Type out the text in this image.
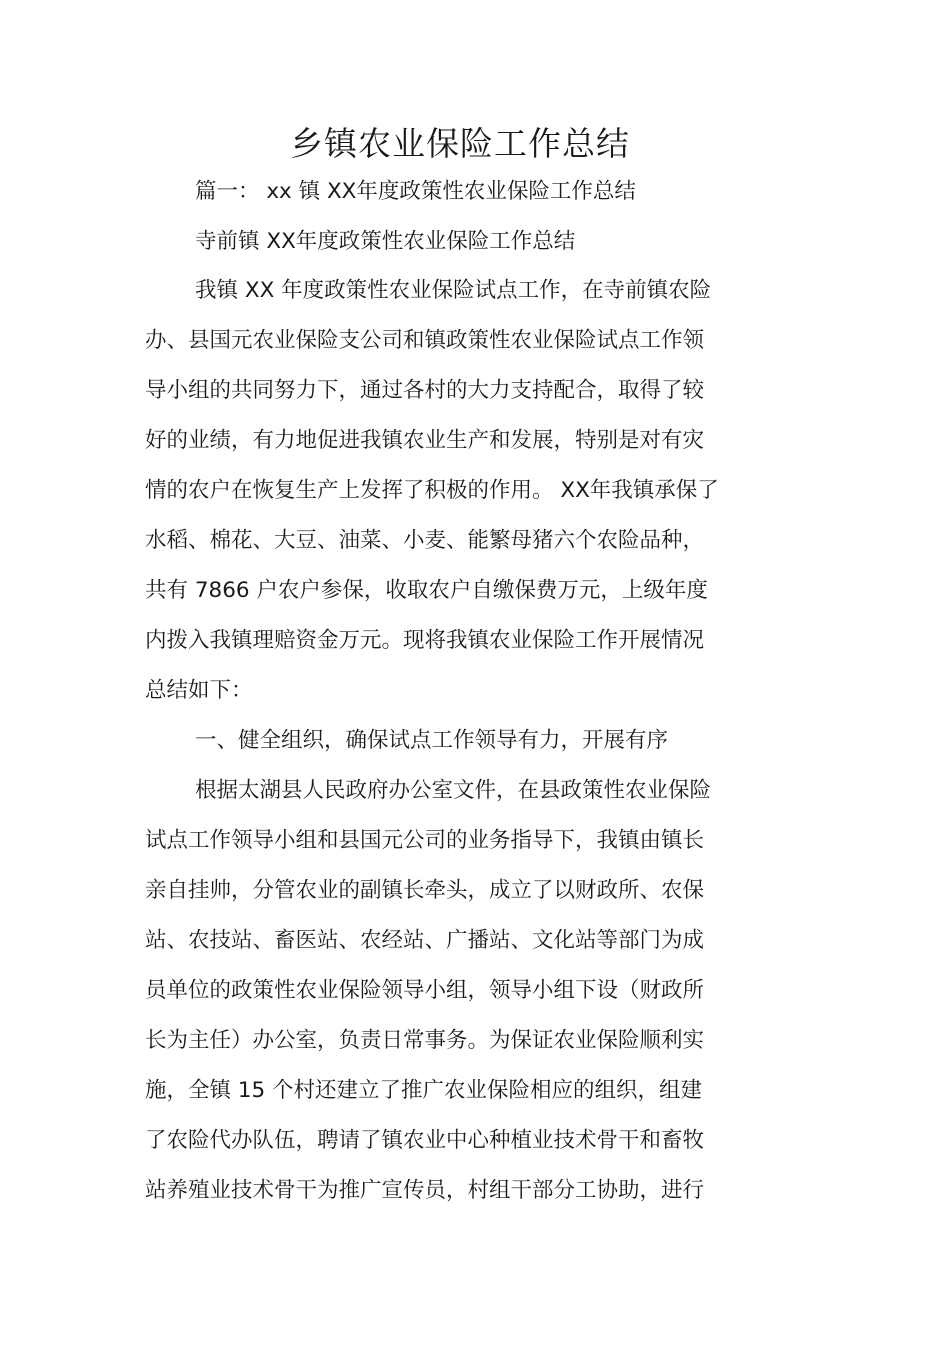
乡镇农业保险工作总结
篇一： xx 镇 XX年度政策性农业保险工作总结
寺前镇 XX年度政策性农业保险工作总结
我镇 XX 年度政策性农业保险试点工作，在寺前镇农险
办、县国元农业保险支公司和镇政策性农业保险试点工作领
导小组的共同努力下，通过各村的大力支持配合，取得了较
好的业绩，有力地促进我镇农业生产和发展，特别是对有灾
情的农户在恢复生产上发挥了积极的作用。 XX年我镇承保了
水稻、棉花、大豆、油菜、小麦、能繁母猪六个农险品种，
共有 7866 户农户参保，收取农户自缴保费万元，上级年度
内拨入我镇理赔资金万元。现将我镇农业保险工作开展情况
总结如下：
一、健全组织，确保试点工作领导有力，开展有序
根据太湖县人民政府办公室文件，在县政策性农业保险
试点工作领导小组和县国元公司的业务指导下，我镇由镇长
亲自挂帅，分管农业的副镇长牵头，成立了以财政所、农保
站、农技站、畜医站、农经站、广播站、文化站等部门为成
员单位的政策性农业保险领导小组，领导小组下设（财政所
长为主任）办公室，负责日常事务。为保证农业保险顺利实
施，全镇 15 个村还建立了推广农业保险相应的组织，组建
了农险代办队伍，聘请了镇农业中心种植业技术骨干和畜牧
站养殖业技术骨干为推广宣传员，村组干部分工协助，进行
